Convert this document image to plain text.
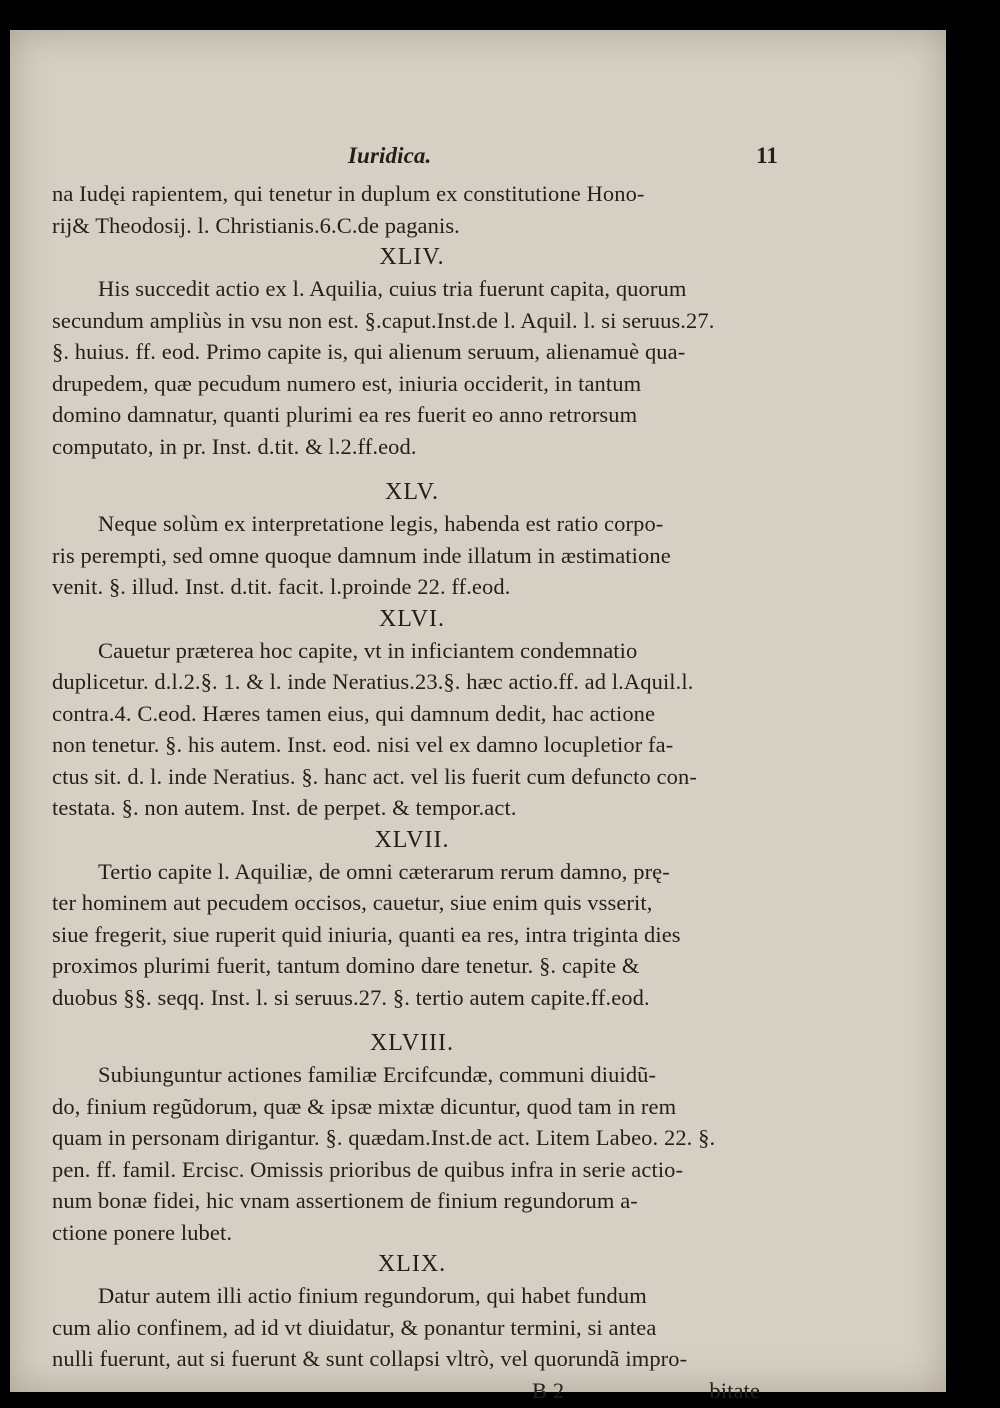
Iuridica.	11
na Iudęi rapientem, qui tenetur in duplum ex constitutione Hono-
rij& Theodosij. l. Christianis.6.C.de paganis.
XLIV.
His succedit actio ex l. Aquilia, cuius tria fuerunt capita, quorum
secundum ampliùs in vsu non est. §.caput.Inst.de l. Aquil. l. si seruus.27.
§. huius. ff. eod. Primo capite is, qui alienum seruum, alienamuè qua-
drupedem, quæ pecudum numero est, iniuria occiderit, in tantum
domino damnatur, quanti plurimi ea res fuerit eo anno retrorsum
computato, in pr. Inst. d.tit. & l.2.ff.eod.
XLV.
Neque solùm ex interpretatione legis, habenda est ratio corpo-
ris perempti, sed omne quoque damnum inde illatum in æstimatione
venit. §. illud. Inst. d.tit. facit. l.proinde 22. ff.eod.
XLVI.
Cauetur prætereа hoc capite, vt in inficiantem condemnatio
duplicetur. d.l.2.§. 1. & l. inde Neratius.23.§. hæc actio.ff. ad l.Aquil.l.
contra.4. C.eod. Hæres tamen eius, qui damnum dedit, hac actione
non tenetur. §. his autem. Inst. eod. nisi vel ex damno locupletior fa-
ctus sit. d. l. inde Neratius. §. hanc act. vel lis fuerit cum defuncto con-
testata. §. non autem. Inst. de perpet. & tempor.act.
XLVII.
Tertio capite l. Aquiliæ, de omni cæterarum rerum damno, prę-
ter hominem aut pecudem occisos, cauetur, siue enim quis vsserit,
siue fregerit, siue ruperit quid iniuria, quanti ea res, intra triginta dies
proximos plurimi fuerit, tantum domino dare tenetur. §. capite &
duobus §§. seqq. Inst. l. si seruus.27. §. tertio autem capite.ff.eod.
XLVIII.
Subiunguntur actiones familiæ Ercifcundæ, communi diuidũ-
do, finium regũdorum, quæ & ipsæ mixtæ dicuntur, quod tam in rem
quam in personam dirigantur. §. quædam.Inst.de act. Litem Labeo. 22. §.
pen. ff. famil. Ercisc. Omissis prioribus de quibus infra in serie actio-
num bonæ fidei, hic vnam assertionem de finium regundorum a-
ctione ponere lubet.
XLIX.
Datur autem illi actio finium regundorum, qui habet fundum
cum alio confinem, ad id vt diuidatur, & ponantur termini, si antea
nulli fuerunt, aut si fuerunt & sunt collapsi vltrò, vel quorundã impro-
B 2	bitate
